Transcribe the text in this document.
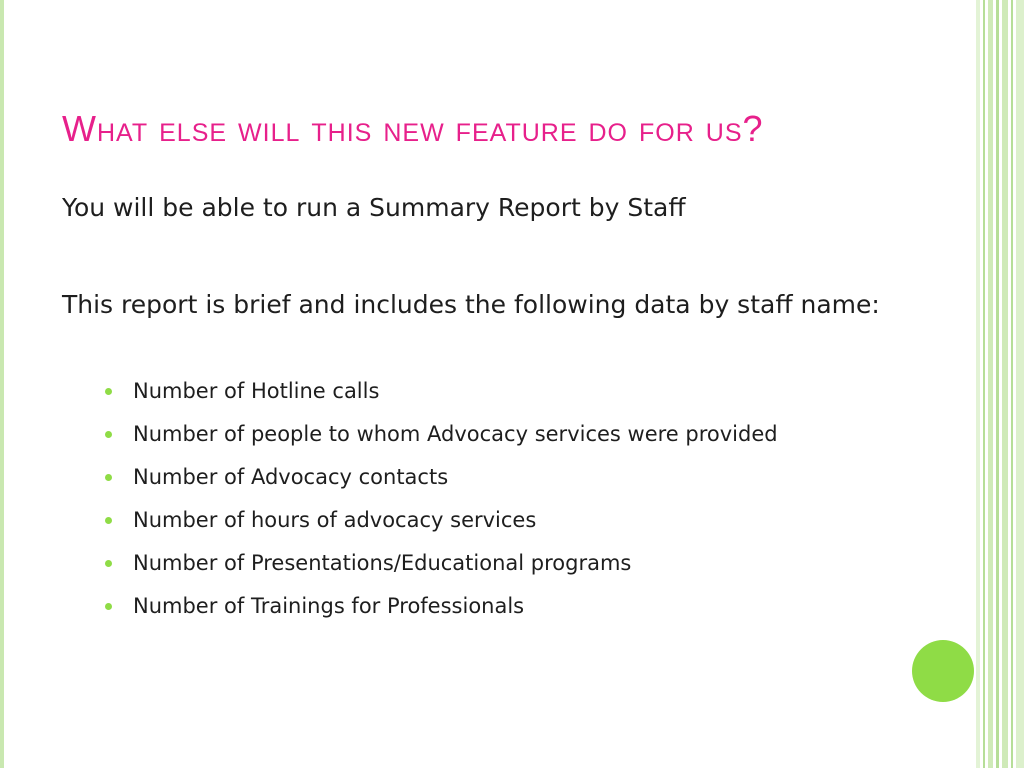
What else will this new feature do for us?

You will be able to run a Summary Report by Staff

This report is brief and includes the following data by staff name:

Number of Hotline calls
Number of people to whom Advocacy services were provided
Number of Advocacy contacts
Number of hours of advocacy services
Number of Presentations/Educational programs
Number of Trainings for Professionals
